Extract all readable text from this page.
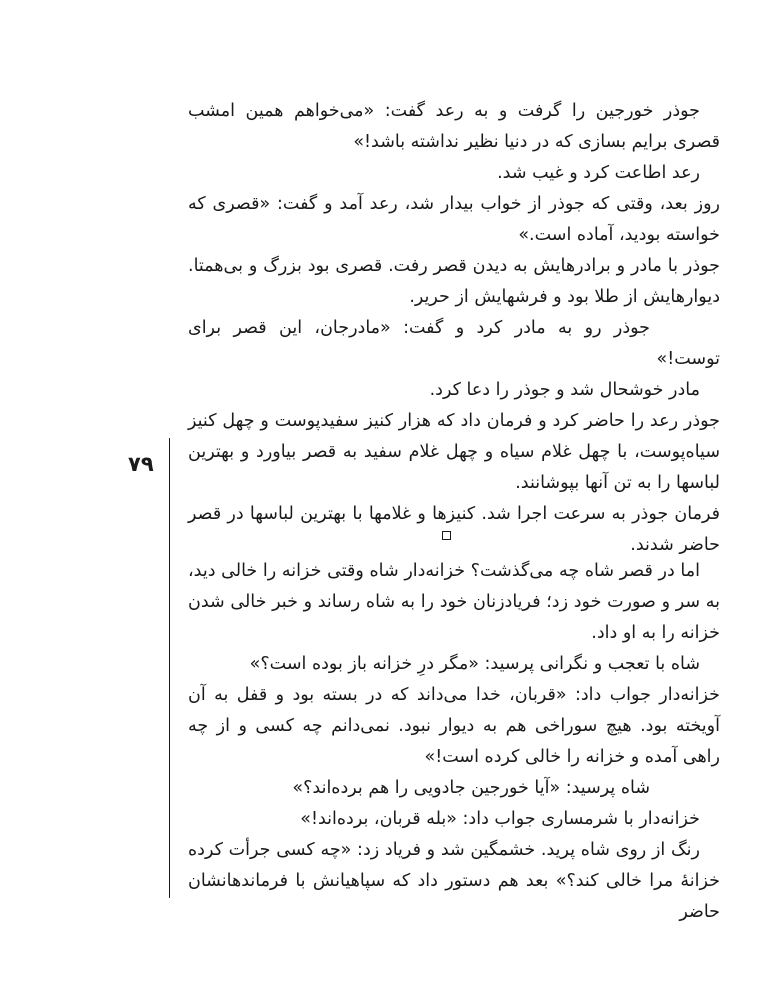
جوذر خورجین را گرفت و به رعد گفت: «می‌خواهم همین امشب قصری برایم بسازی که در دنیا نظیر نداشته باشد!»

رعد اطاعت کرد و غیب شد.

روز بعد، وقتی که جوذر از خواب بیدار شد، رعد آمد و گفت: «قصری که خواسته بودید، آماده است.»

جوذر با مادر و برادرهایش به دیدن قصر رفت. قصری بود بزرگ و بی‌همتا. دیوارهایش از طلا بود و فرشهایش از حریر.

جوذر رو به مادر کرد و گفت: «مادرجان، این قصر برای توست!»

مادر خوشحال شد و جوذر را دعا کرد.

جوذر رعد را حاضر کرد و فرمان داد که هزار کنیز سفیدپوست و چهل کنیز سیاه‌پوست، با چهل غلام سیاه و چهل غلام سفید به قصر بیاورد و بهترین لباسها را به تن آنها بپوشانند.

فرمان جوذر به سرعت اجرا شد. کنیزها و غلامها با بهترین لباسها در قصر حاضر شدند.

اما در قصر شاه چه می‌گذشت؟ خزانه‌دار شاه وقتی خزانه را خالی دید، به سر و صورت خود زد؛ فریادزنان خود را به شاه رساند و خبر خالی شدن خزانه را به او داد.

شاه با تعجب و نگرانی پرسید: «مگر درِ خزانه باز بوده است؟»

خزانه‌دار جواب داد: «قربان، خدا می‌داند که در بسته بود و قفل به آن آویخته بود. هیچ سوراخی هم به دیوار نبود. نمی‌دانم چه کسی و از چه راهی آمده و خزانه را خالی کرده است!»

شاه پرسید: «آیا خورجین جادویی را هم برده‌اند؟»

خزانه‌دار با شرمساری جواب داد: «بله قربان، برده‌اند!»

رنگ از روی شاه پرید. خشمگین شد و فریاد زد: «چه کسی جرأت کرده خزانهٔ مرا خالی کند؟» بعد هم دستور داد که سپاهیانش با فرماندهانشان حاضر

۷۹
